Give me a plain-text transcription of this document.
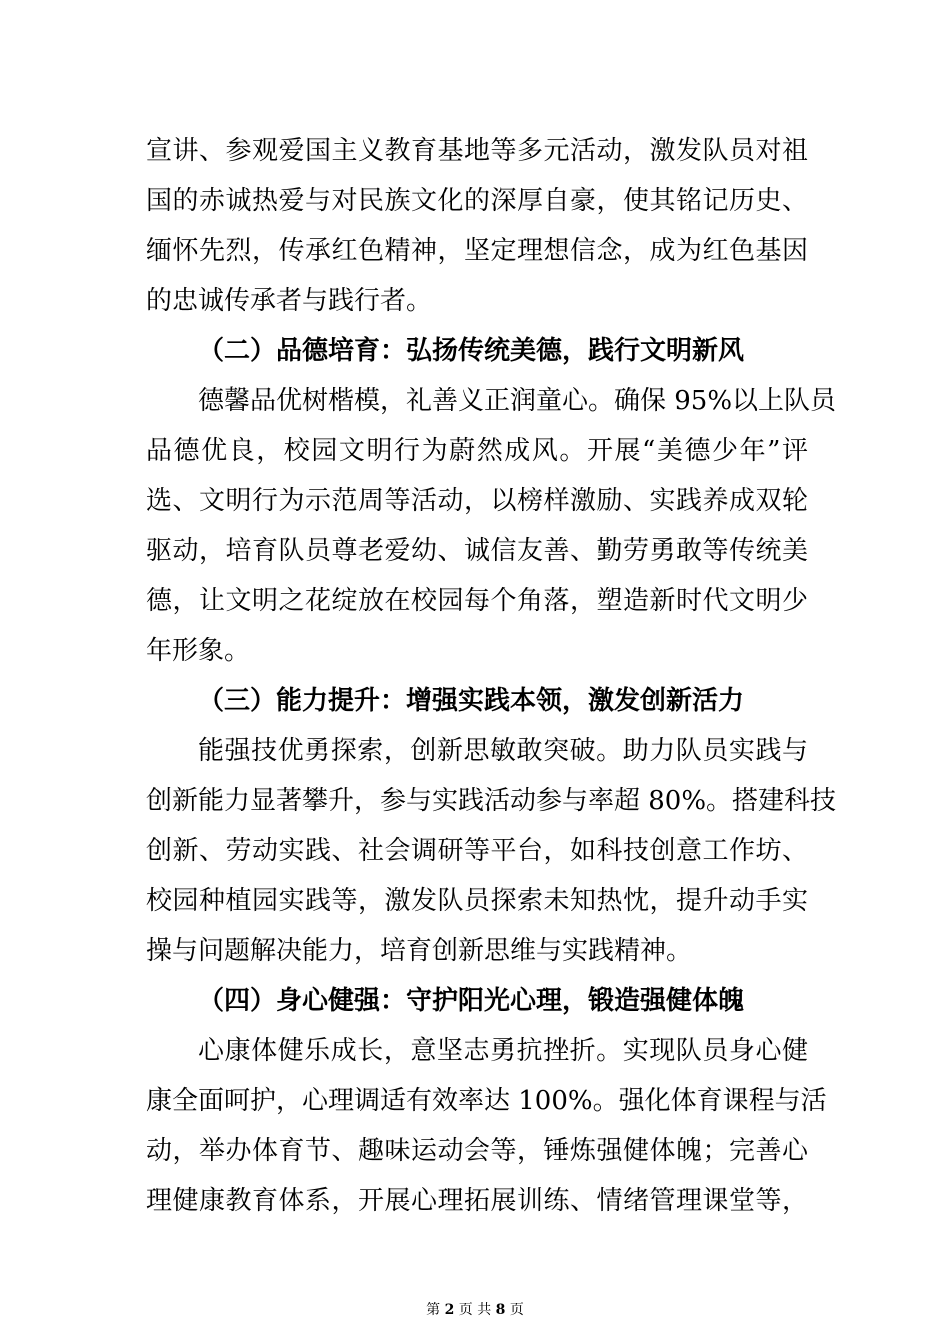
宣讲、参观爱国主义教育基地等多元活动，激发队员对祖
国的赤诚热爱与对民族文化的深厚自豪，使其铭记历史、
缅怀先烈，传承红色精神，坚定理想信念，成为红色基因
的忠诚传承者与践行者。
（二）品德培育：弘扬传统美德，践行文明新风
德馨品优树楷模，礼善义正润童心。确保 95%以上队员
品德优良，校园文明行为蔚然成风。开展“美德少年”评
选、文明行为示范周等活动，以榜样激励、实践养成双轮
驱动，培育队员尊老爱幼、诚信友善、勤劳勇敢等传统美
德，让文明之花绽放在校园每个角落，塑造新时代文明少
年形象。
（三）能力提升：增强实践本领，激发创新活力
能强技优勇探索，创新思敏敢突破。助力队员实践与
创新能力显著攀升，参与实践活动参与率超 80%。搭建科技
创新、劳动实践、社会调研等平台，如科技创意工作坊、
校园种植园实践等，激发队员探索未知热忱，提升动手实
操与问题解决能力，培育创新思维与实践精神。
（四）身心健强：守护阳光心理，锻造强健体魄
心康体健乐成长，意坚志勇抗挫折。实现队员身心健
康全面呵护，心理调适有效率达 100%。强化体育课程与活
动，举办体育节、趣味运动会等，锤炼强健体魄；完善心
理健康教育体系，开展心理拓展训练、情绪管理课堂等，
第 2 页 共 8 页
